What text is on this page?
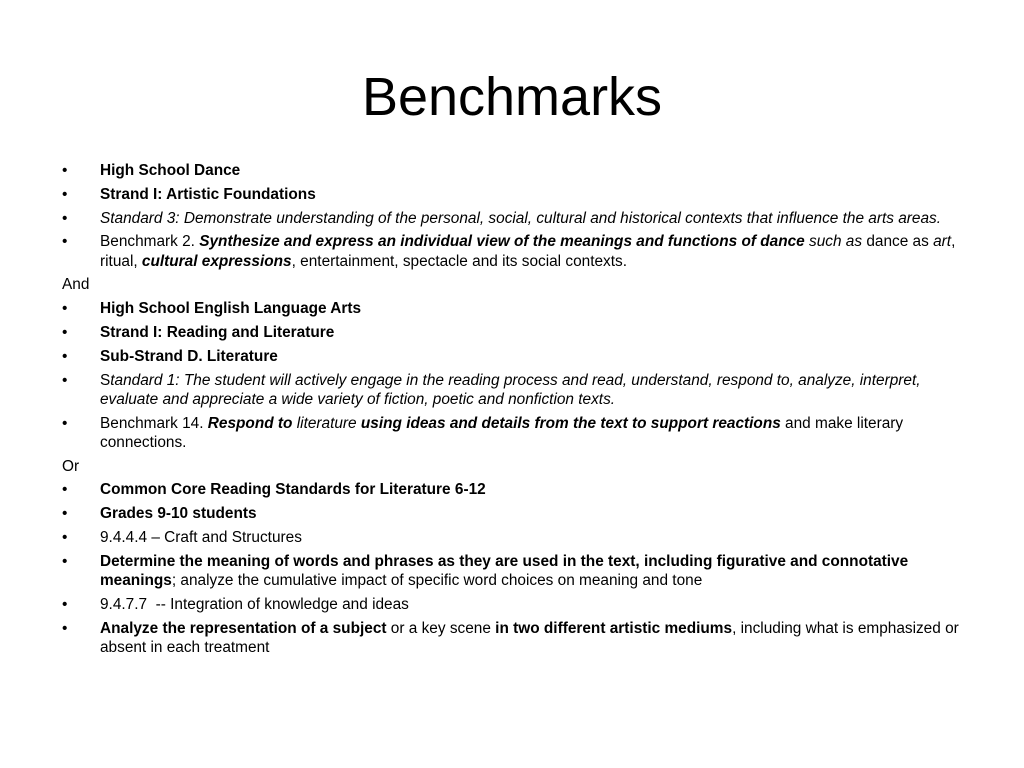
Benchmarks
•	High School Dance
•	Strand I: Artistic Foundations
•	Standard 3: Demonstrate understanding of the personal, social, cultural and historical contexts that influence the arts areas.
•	Benchmark 2. Synthesize and express an individual view of the meanings and functions of dance such as dance as art, ritual, cultural expressions, entertainment, spectacle and its social contexts.
And
•	High School English Language Arts
•	Strand I: Reading and Literature
•	Sub-Strand D. Literature
•	Standard 1: The student will actively engage in the reading process and read, understand, respond to, analyze, interpret, evaluate and appreciate a wide variety of fiction, poetic and nonfiction texts.
•	Benchmark 14. Respond to literature using ideas and details from the text to support reactions and make literary connections.
Or
•	Common Core Reading Standards for Literature 6-12
•	Grades 9-10 students
•	9.4.4.4 – Craft and Structures
•	Determine the meaning of words and phrases as they are used in the text, including figurative and connotative meanings; analyze the cumulative impact of specific word choices on meaning and tone
•	9.4.7.7  -- Integration of knowledge and ideas
•	Analyze the representation of a subject or a key scene in two different artistic mediums, including what is emphasized or absent in each treatment
